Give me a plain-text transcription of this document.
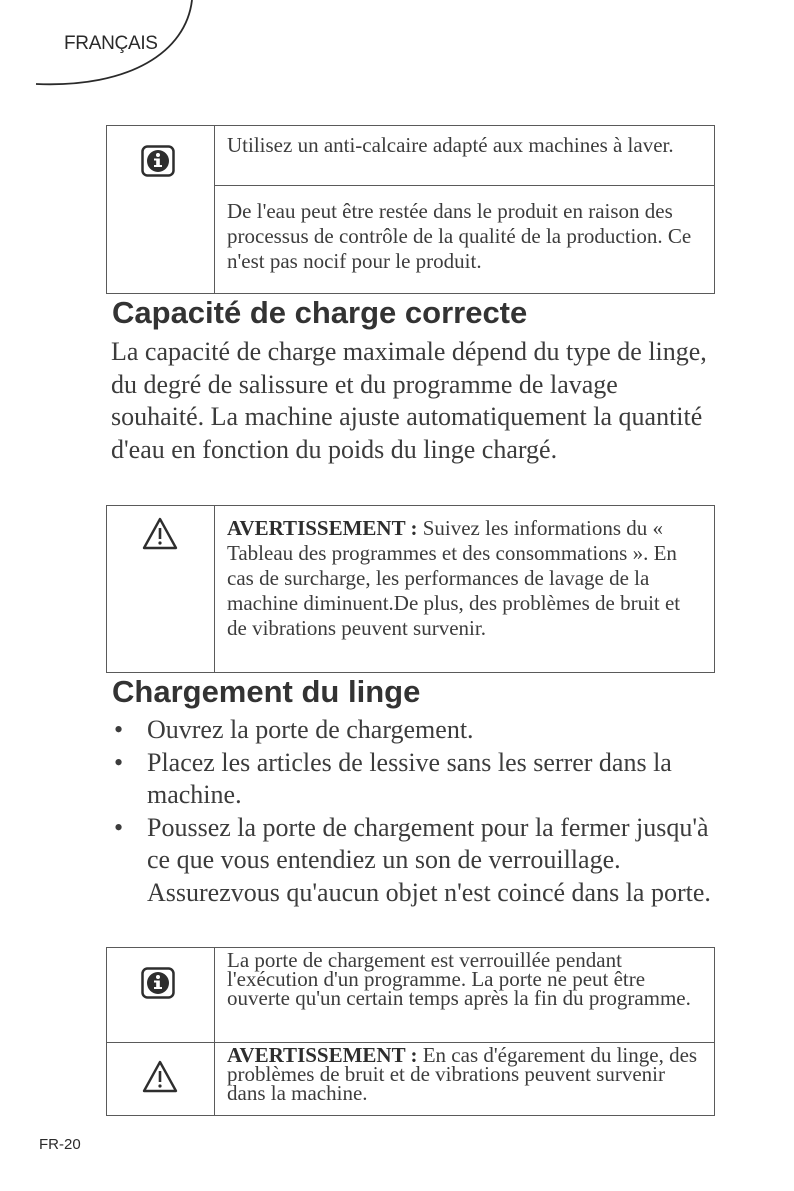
FRANÇAIS
Utilisez un anti-calcaire adapté aux machines à laver.
De l'eau peut être restée dans le produit en raison des processus de contrôle de la qualité de la production. Ce n'est pas nocif pour le produit.
Capacité de charge correcte

La capacité de charge maximale dépend du type de linge, du degré de salissure et du programme de lavage souhaité. La machine ajuste automatiquement la quantité d'eau en fonction du poids du linge chargé.

AVERTISSEMENT : Suivez les informations du « Tableau des programmes et des consommations ». En cas de surcharge, les performances de lavage de la machine diminuent.De plus, des problèmes de bruit et de vibrations peuvent survenir.
Chargement du linge
• Ouvrez la porte de chargement.
• Placez les articles de lessive sans les serrer dans la machine.
• Poussez la porte de chargement pour la fermer jusqu'à ce que vous entendiez un son de verrouillage. Assurezvous qu'aucun objet n'est coincé dans la porte.
La porte de chargement est verrouillée pendant l'exécution d'un programme. La porte ne peut être ouverte qu'un certain temps après la fin du programme.
AVERTISSEMENT : En cas d'égarement du linge, des problèmes de bruit et de vibrations peuvent survenir dans la machine.
FR-20
